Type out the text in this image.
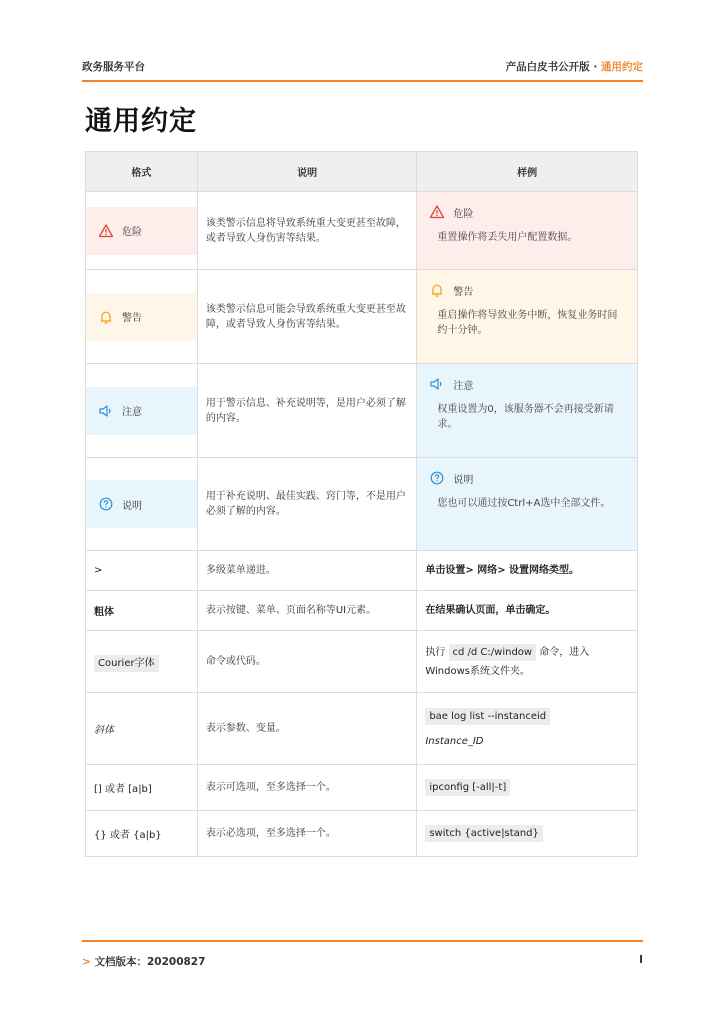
政务服务平台	产品白皮书公开版 · 通用约定
通用约定
格式	说明	样例

危险	该类警示信息将导致系统重大变更甚至故障，或者导致人身伤害等结果。	危险
重置操作将丢失用户配置数据。

警告	该类警示信息可能会导致系统重大变更甚至故障，或者导致人身伤害等结果。	警告
重启操作将导致业务中断，恢复业务时间约十分钟。

注意	用于警示信息、补充说明等，是用户必须了解的内容。	注意
权重设置为0，该服务器不会再接受新请求。

说明	用于补充说明、最佳实践、窍门等，不是用户必须了解的内容。	说明
您也可以通过按Ctrl+A选中全部文件。

>	多级菜单递进。	单击设置> 网络> 设置网络类型。
粗体	表示按键、菜单、页面名称等UI元素。	在结果确认页面，单击确定。
Courier字体	命令或代码。	执行 cd /d C:/window 命令，进入
Windows系统文件夹。
斜体	表示参数、变量。	bae log list --instanceid
Instance_ID

[] 或者 [a|b]	表示可选项，至多选择一个。	ipconfig [-all|-t]
{} 或者 {a|b}	表示必选项，至多选择一个。	switch {active|stand}
> 文档版本：20200827	I
